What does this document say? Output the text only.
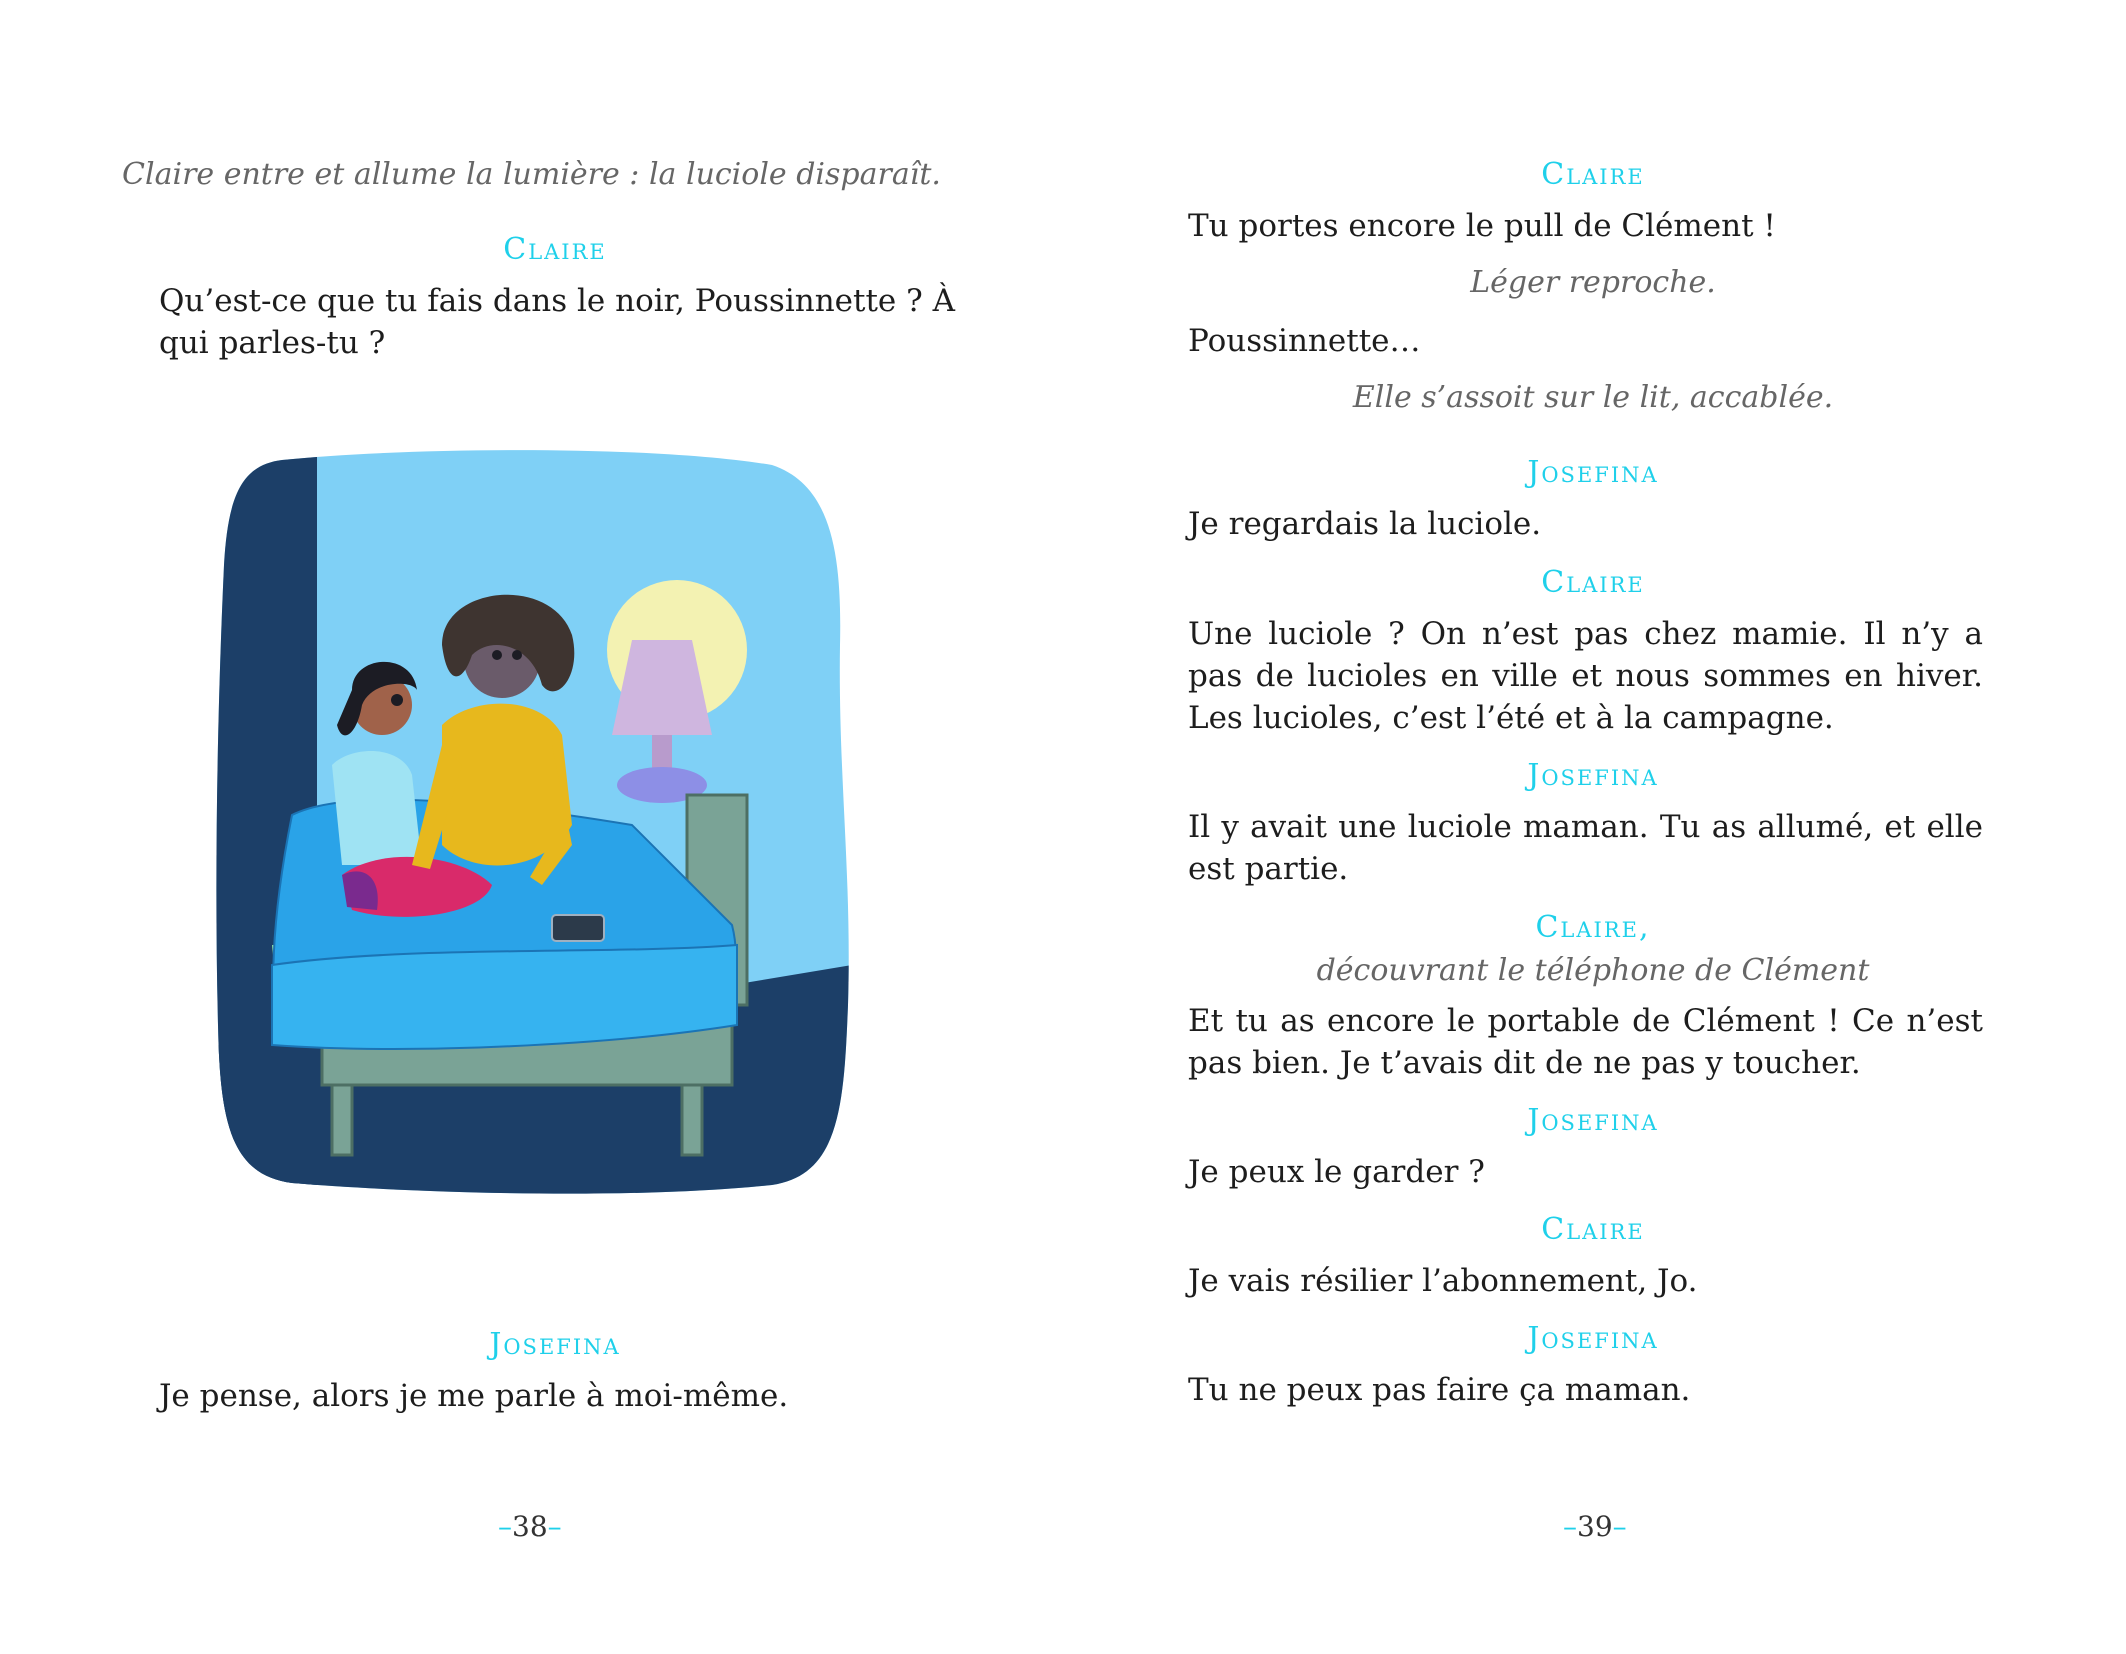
Claire entre et allume la lumière : la luciole disparaît.
Claire
Qu’est-ce que tu fais dans le noir, Poussinnette ? À qui parles-tu ?
Josefina
Je pense, alors je me parle à moi-même.
–38–
Claire
Tu portes encore le pull de Clément !
Léger reproche.
Poussinnette…
Elle s’assoit sur le lit, accablée.
Josefina
Je regardais la luciole.
Claire
Une luciole ? On n’est pas chez mamie. Il n’y a pas de lucioles en ville et nous sommes en hiver. Les lucioles, c’est l’été et à la campagne.
Josefina
Il y avait une luciole maman. Tu as allumé, et elle est partie.
Claire,
découvrant le téléphone de Clément
Et tu as encore le portable de Clément ! Ce n’est pas bien. Je t’avais dit de ne pas y toucher.
Josefina
Je peux le garder ?
Claire
Je vais résilier l’abonnement, Jo.
Josefina
Tu ne peux pas faire ça maman.
–39–
